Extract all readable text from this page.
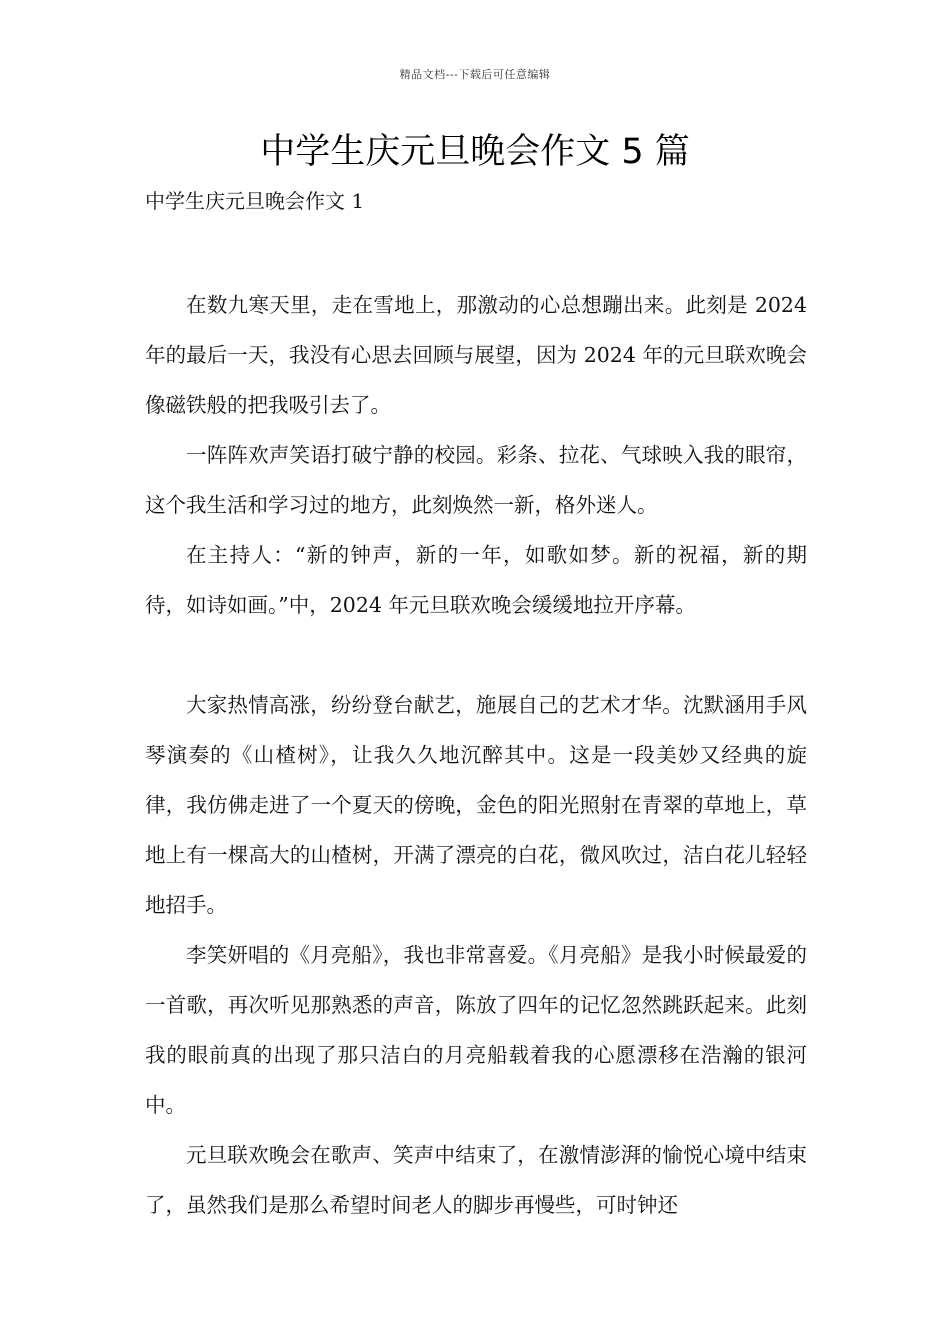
精品文档---下载后可任意编辑
中学生庆元旦晚会作文 5 篇

中学生庆元旦晚会作文 1

在数九寒天里，走在雪地上，那激动的心总想蹦出来。此刻是 2024 年的最后一天，我没有心思去回顾与展望，因为 2024 年的元旦联欢晚会像磁铁般的把我吸引去了。

一阵阵欢声笑语打破宁静的校园。彩条、拉花、气球映入我的眼帘，这个我生活和学习过的地方，此刻焕然一新，格外迷人。

在主持人：“新的钟声，新的一年，如歌如梦。新的祝福，新的期待，如诗如画。”中，2024 年元旦联欢晚会缓缓地拉开序幕。

大家热情高涨，纷纷登台献艺，施展自己的艺术才华。沈默涵用手风琴演奏的《山楂树》，让我久久地沉醉其中。这是一段美妙又经典的旋律，我仿佛走进了一个夏天的傍晚，金色的阳光照射在青翠的草地上，草地上有一棵高大的山楂树，开满了漂亮的白花，微风吹过，洁白花儿轻轻地招手。

李笑妍唱的《月亮船》，我也非常喜爱。《月亮船》是我小时候最爱的一首歌，再次听见那熟悉的声音，陈放了四年的记忆忽然跳跃起来。此刻我的眼前真的出现了那只洁白的月亮船载着我的心愿漂移在浩瀚的银河中。

元旦联欢晚会在歌声、笑声中结束了，在激情澎湃的愉悦心境中结束了，虽然我们是那么希望时间老人的脚步再慢些，可时钟还
